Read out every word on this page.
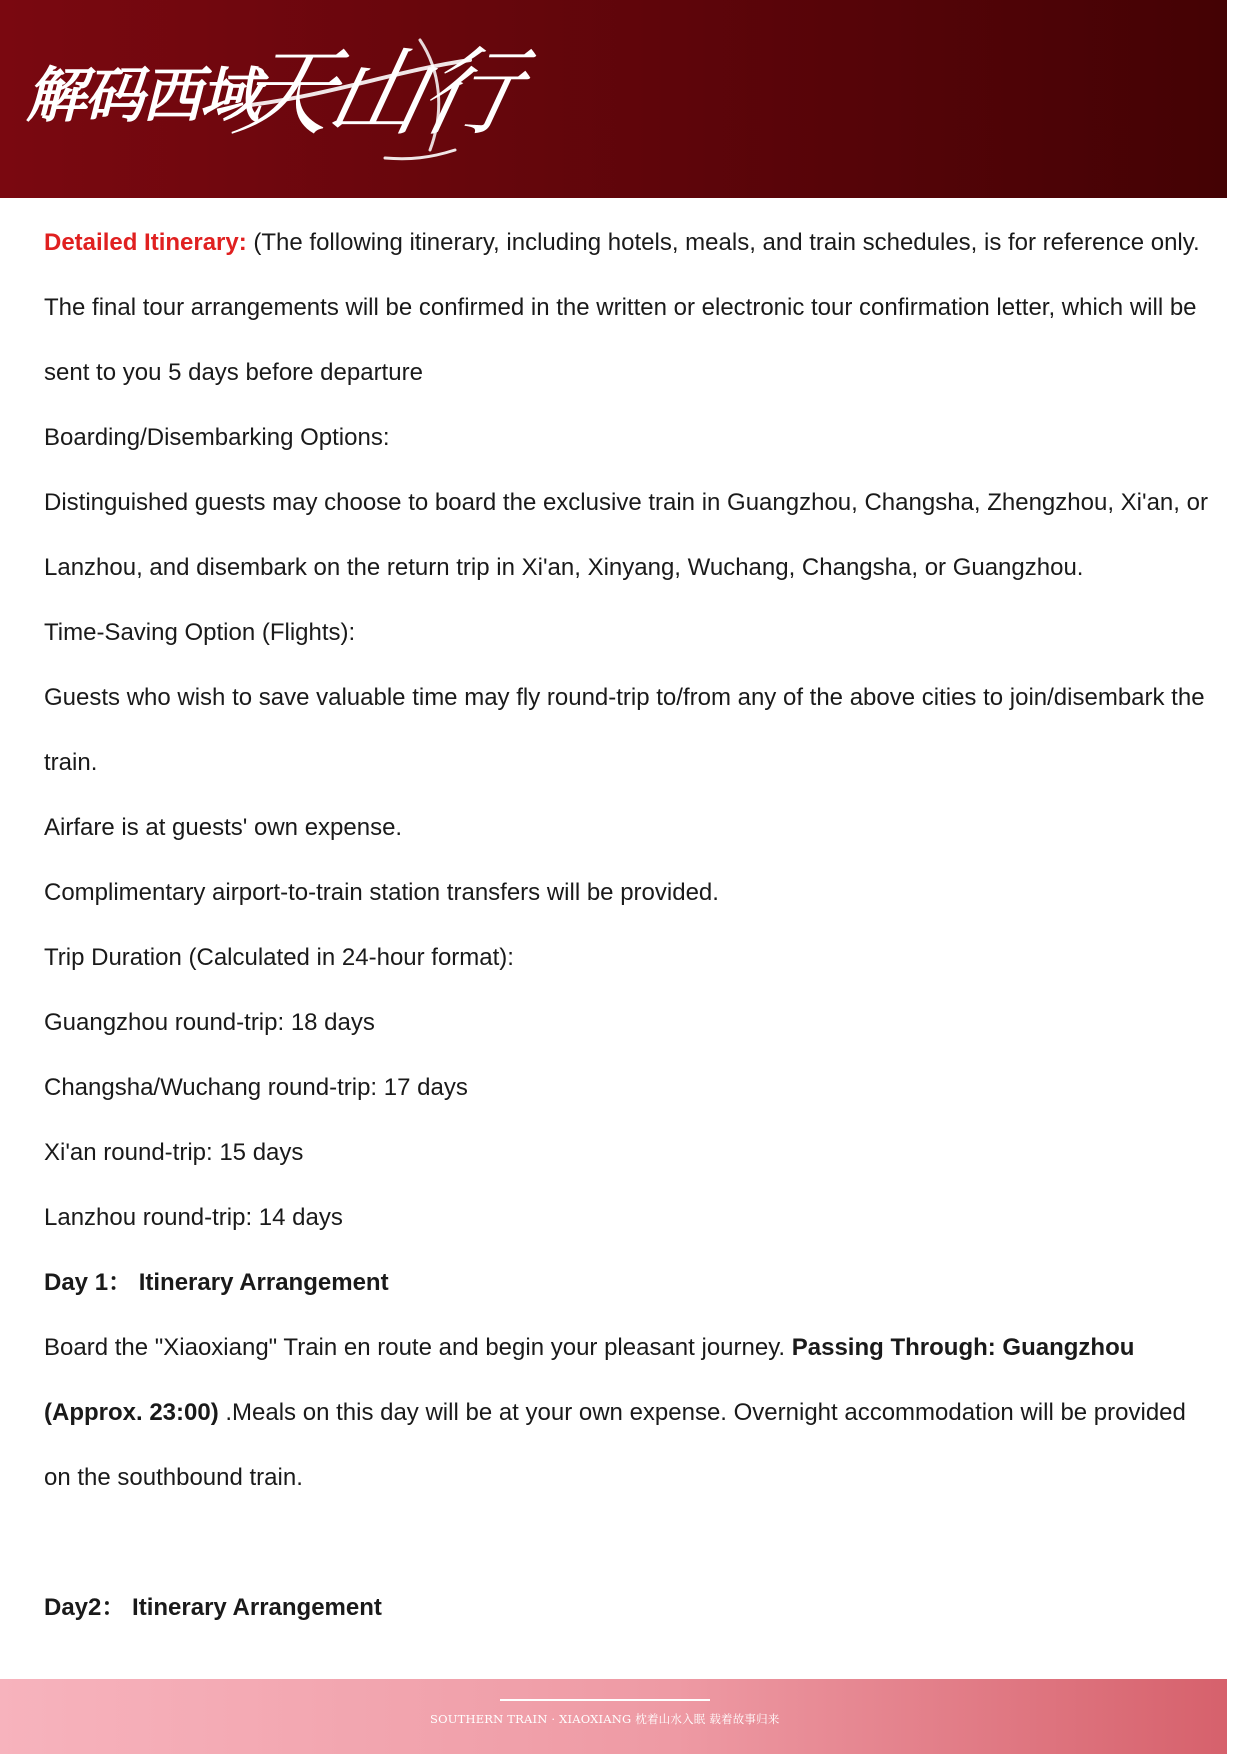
解码西域
天山行

Detailed Itinerary: (The following itinerary, including hotels, meals, and train schedules, is for reference only. The final tour arrangements will be confirmed in the written or electronic tour confirmation letter, which will be sent to you 5 days before departure

Boarding/Disembarking Options:

Distinguished guests may choose to board the exclusive train in Guangzhou, Changsha, Zhengzhou, Xi'an, or Lanzhou, and disembark on the return trip in Xi'an, Xinyang, Wuchang, Changsha, or Guangzhou.

Time-Saving Option (Flights):

Guests who wish to save valuable time may fly round-trip to/from any of the above cities to join/disembark the train.

Airfare is at guests' own expense.

Complimentary airport-to-train station transfers will be provided.

Trip Duration (Calculated in 24-hour format):

Guangzhou round-trip: 18 days

Changsha/Wuchang round-trip: 17 days

Xi'an round-trip: 15 days

Lanzhou round-trip: 14 days

Day 1： Itinerary Arrangement

Board the "Xiaoxiang" Train en route and begin your pleasant journey. Passing Through: Guangzhou (Approx. 23:00) .Meals on this day will be at your own expense. Overnight accommodation will be provided on the southbound train.

Day2： Itinerary Arrangement

SOUTHERN TRAIN · XIAOXIANG 枕着山水入眠 载着故事归来
